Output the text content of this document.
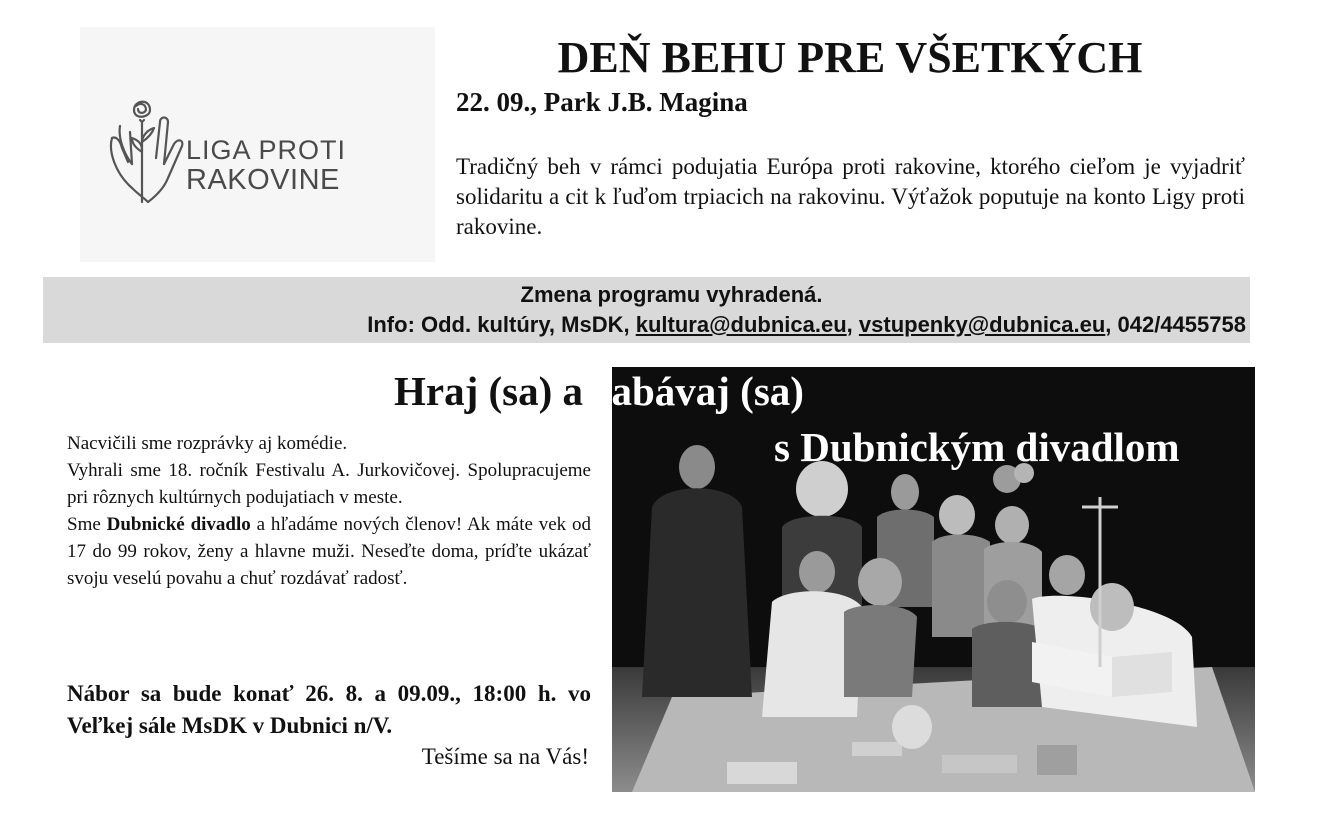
LIGA PROTI
RAKOVINE
DEŇ BEHU PRE VŠETKÝCH
22. 09., Park J.B. Magina

Tradičný beh v rámci podujatia Európa proti rakovine, ktorého cieľom je vyjadriť solidaritu a cit k ľuďom trpiacich na rakovinu. Výťažok poputuje na konto Ligy proti rakovine.

Zmena programu vyhradená.
Info: Odd. kultúry, MsDK, kultura@dubnica.eu, vstupenky@dubnica.eu, 042/4455758
Hraj (sa) a zabávaj (sa)
s Dubnickým divadlom

Nacvičili sme rozprávky aj komédie.

Vyhrali sme 18. ročník Festivalu A. Jurkovičovej. Spolupracujeme pri rôznych kultúrnych podujatiach v meste.

Sme Dubnické divadlo a hľadáme nových členov! Ak máte vek od 17 do 99 rokov, ženy a hlavne muži. Neseďte doma, príďte ukázať svoju veselú povahu a chuť rozdávať radosť.

Nábor sa bude konať 26. 8. a 09.09., 18:00 h. vo Veľkej sále MsDK v Dubnici n/V.

Tešíme sa na Vás!
